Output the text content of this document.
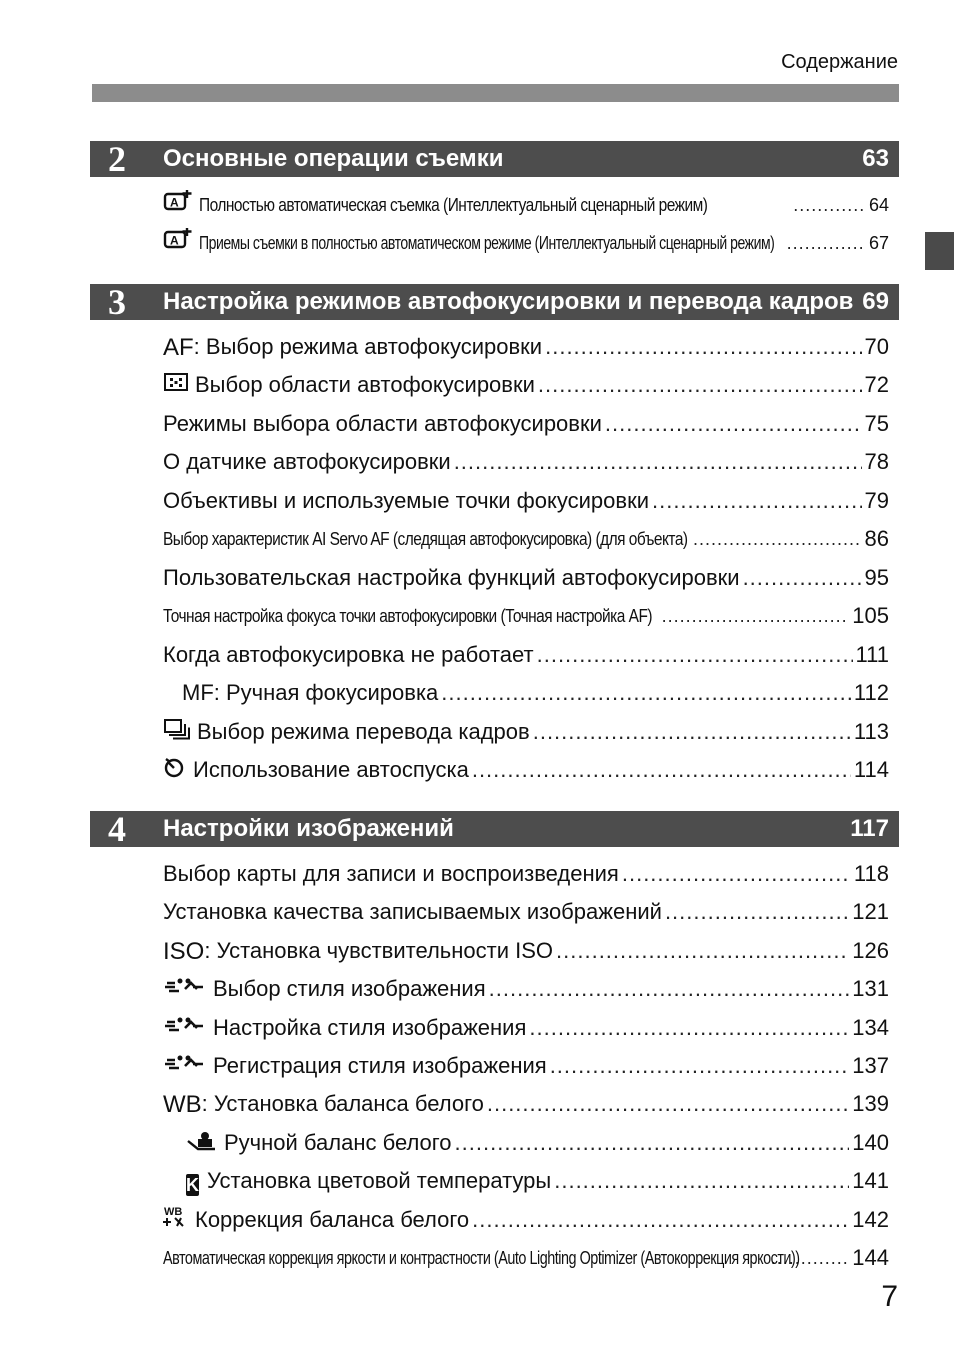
Содержание
2	Основные операции съемки	63
A Полностью автоматическая съемка (Интеллектуальный сценарный режим) .....	64
A Приемы съемки в полностью автоматическом режиме (Интеллектуальный сценарный режим) .....	67
3	Настройка режимов автофокусировки и перевода кадров 69
AF : Выбор режима автофокусировки .....	70
Выбор области автофокусировки .....	72
Режимы выбора области автофокусировки .....	75
О датчике автофокусировки .....	78
Объективы и используемые точки фокусировки .....	79
Выбор характеристик AI Servo AF (следящая автофокусировка) (для объекта) .....	86
Пользовательская настройка функций автофокусировки .....	95
Точная настройка фокуса точки автофокусировки (Точная настройка AF) .....	105
Когда автофокусировка не работает .....	111
MF: Ручная фокусировка .....	112
Выбор режима перевода кадров .....	113
Использование автоспуска .....	114
4	Настройки изображений	117
Выбор карты для записи и воспроизведения .....	118
Установка качества записываемых изображений .....	121
ISO : Установка чувствительности ISO .....	126
Выбор стиля изображения .....	131
Настройка стиля изображения .....	134
Регистрация стиля изображения .....	137
WB : Установка баланса белого .....	139
Ручной баланс белого .....	140
K Установка цветовой температуры .....	141
WB Коррекция баланса белого .....	142
Автоматическая коррекция яркости и контрастности (Auto Lighting Optimizer (Автокоррекция яркости)) ..... 144
7
